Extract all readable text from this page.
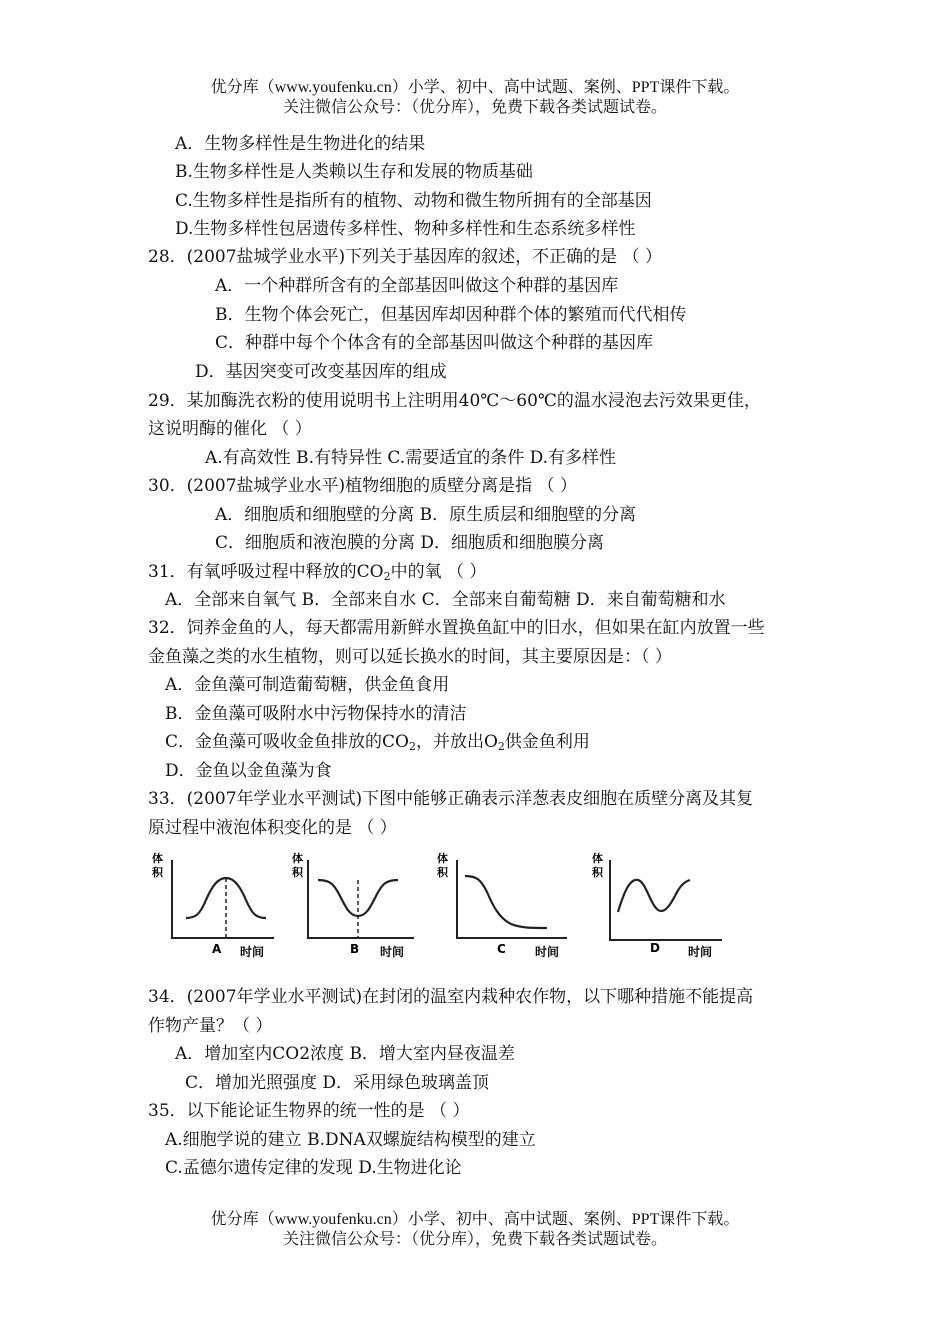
优分库（www.youfenku.cn）小学、初中、高中试题、案例、PPT课件下载。
关注微信公众号：（优分库），免费下载各类试题试卷。
A．生物多样性是生物进化的结果
B.生物多样性是人类赖以生存和发展的物质基础
C.生物多样性是指所有的植物、动物和微生物所拥有的全部基因
D.生物多样性包居遗传多样性、物种多样性和生态系统多样性
28．(2007盐城学业水平)下列关于基因库的叙述，不正确的是 （ ）
A．一个种群所含有的全部基因叫做这个种群的基因库
B．生物个体会死亡，但基因库却因种群个体的繁殖而代代相传
C．种群中每个个体含有的全部基因叫做这个种群的基因库
D．基因突变可改变基因库的组成
29．某加酶洗衣粉的使用说明书上注明用40℃～60℃的温水浸泡去污效果更佳，
这说明酶的催化 （ ）
A.有高效性 B.有特异性 C.需要适宜的条件 D.有多样性
30．(2007盐城学业水平)植物细胞的质壁分离是指 （ ）
A．细胞质和细胞壁的分离 B．原生质层和细胞壁的分离
C．细胞质和液泡膜的分离 D．细胞质和细胞膜分离
31．有氧呼吸过程中释放的$CO_2$中的氧 （ ）
A．全部来自氧气 B．全部来自水 C．全部来自葡萄糖 D．来自葡萄糖和水
32．饲养金鱼的人，每天都需用新鲜水置换鱼缸中的旧水，但如果在缸内放置一些
金鱼藻之类的水生植物，则可以延长换水的时间，其主要原因是：（ ）
A．金鱼藻可制造葡萄糖，供金鱼食用
B．金鱼藻可吸附水中污物保持水的清洁
C．金鱼藻可吸收金鱼排放的$CO_2$，并放出$O_2$供金鱼利用
D．金鱼以金鱼藻为食
33．(2007年学业水平测试)下图中能够正确表示洋葱表皮细胞在质壁分离及其复
原过程中液泡体积变化的是 （ ）
体
积
A 时间
体
积
B 时间
体
积
C 时间
体
积
D 时间
34．(2007年学业水平测试)在封闭的温室内栽种农作物，以下哪种措施不能提高
作物产量？（ ）
A．增加室内CO2浓度 B．增大室内昼夜温差
C．增加光照强度 D．采用绿色玻璃盖顶
35．以下能论证生物界的统一性的是 （ ）
A.细胞学说的建立 B.DNA双螺旋结构模型的建立
C.孟德尔遗传定律的发现 D.生物进化论
优分库（www.youfenku.cn）小学、初中、高中试题、案例、PPT课件下载。
关注微信公众号：（优分库），免费下载各类试题试卷。
